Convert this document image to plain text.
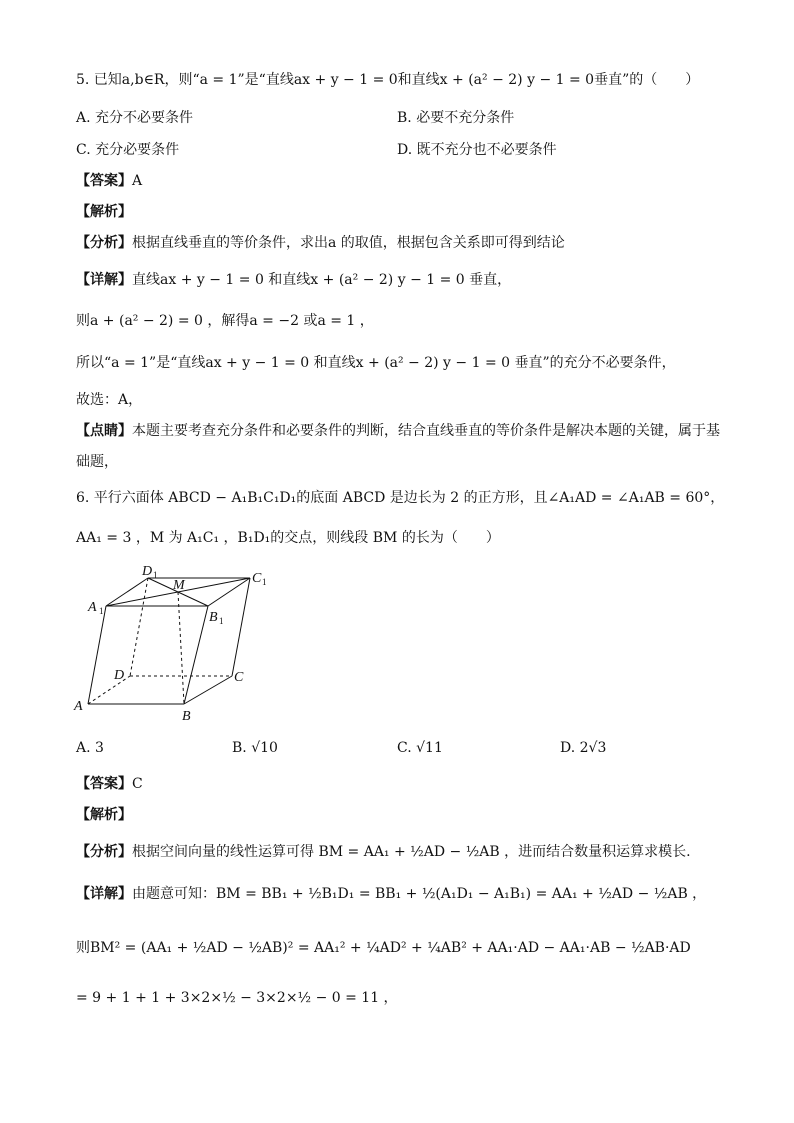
5. 已知a,b∈R，则“a = 1”是“直线ax + y − 1 = 0和直线x + (a² − 2) y − 1 = 0垂直”的（　　）
A. 充分不必要条件	B. 必要不充分条件
C. 充分必要条件	D. 既不充分也不必要条件
【答案】A
【解析】
【分析】根据直线垂直的等价条件，求出a 的取值，根据包含关系即可得到结论
【详解】直线ax + y − 1 = 0 和直线x + (a² − 2) y − 1 = 0 垂直，
则a + (a² − 2) = 0 ，解得a = −2 或a = 1 ，
所以“a = 1”是“直线ax + y − 1 = 0 和直线x + (a² − 2) y − 1 = 0 垂直”的充分不必要条件，
故选：A，
【点睛】本题主要考查充分条件和必要条件的判断，结合直线垂直的等价条件是解决本题的关键，属于基
础题，
6. 平行六面体 ABCD − A₁B₁C₁D₁的底面 ABCD 是边长为 2 的正方形，且∠A₁AD = ∠A₁AB = 60°，
AA₁ = 3 ，M 为 A₁C₁ ，B₁D₁的交点，则线段 BM 的长为（　　）
A
B
C
D
A 1	B 1
C 1
D 1
M
A. 3	B. √10	C. √11	D. 2√3
【答案】C
【解析】
【分析】根据空间向量的线性运算可得 BM = AA₁ + ½AD − ½AB ，进而结合数量积运算求模长.
【详解】由题意可知：BM = BB₁ + ½B₁D₁ = BB₁ + ½(A₁D₁ − A₁B₁) = AA₁ + ½AD − ½AB ，
则BM² = (AA₁ + ½AD − ½AB)² = AA₁² + ¼AD² + ¼AB² + AA₁·AD − AA₁·AB − ½AB·AD
= 9 + 1 + 1 + 3×2×½ − 3×2×½ − 0 = 11 ，
